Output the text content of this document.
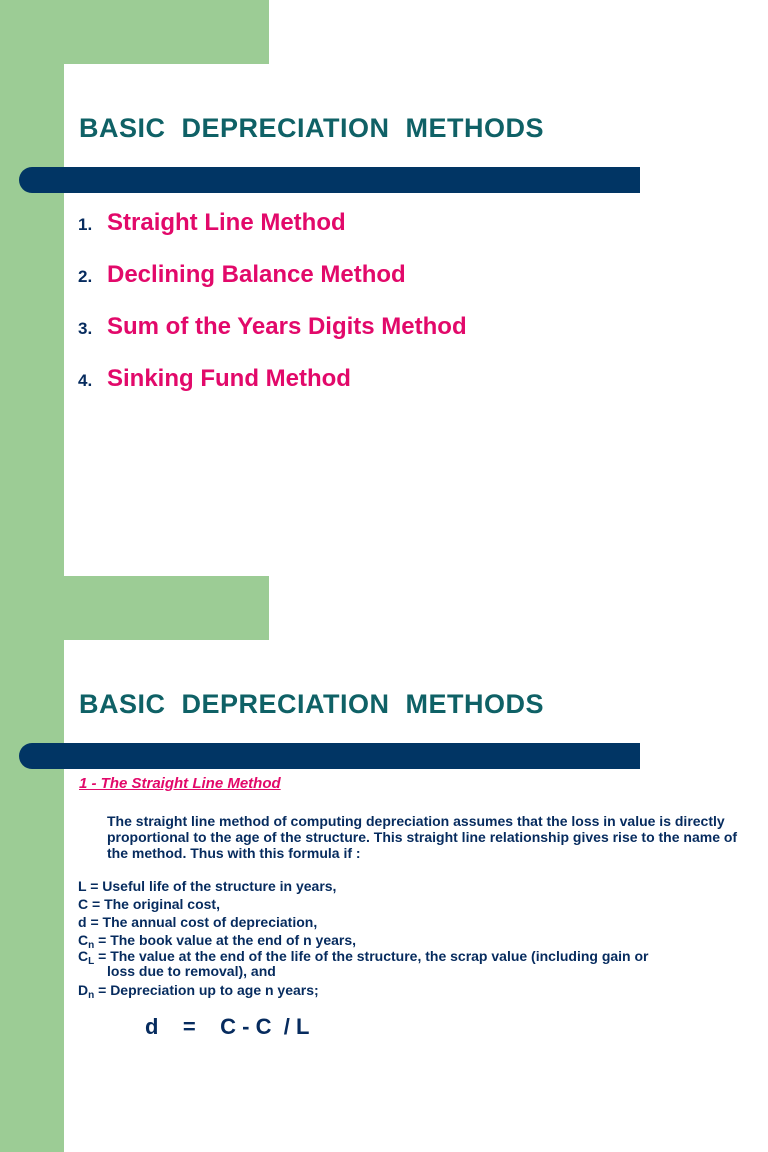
BASIC  DEPRECIATION  METHODS
1. Straight Line Method
2. Declining Balance Method
3. Sum of the Years Digits Method
4. Sinking Fund Method
BASIC  DEPRECIATION  METHODS
1 - The Straight Line Method
The straight line method of computing depreciation assumes that the loss in value is directly proportional to the age of the structure. This straight line relationship gives rise to the name of the method. Thus with this formula if :
L = Useful life of the structure in years,
C = The original cost,
d = The annual cost of depreciation,
$C_n$ = The book value at the end of n years,
$C_L$ = The value at the end of the life of the structure, the scrap value (including gain or
loss due to removal), and
$D_n$ = Depreciation up to age n years;
d    =    C - C  / L
